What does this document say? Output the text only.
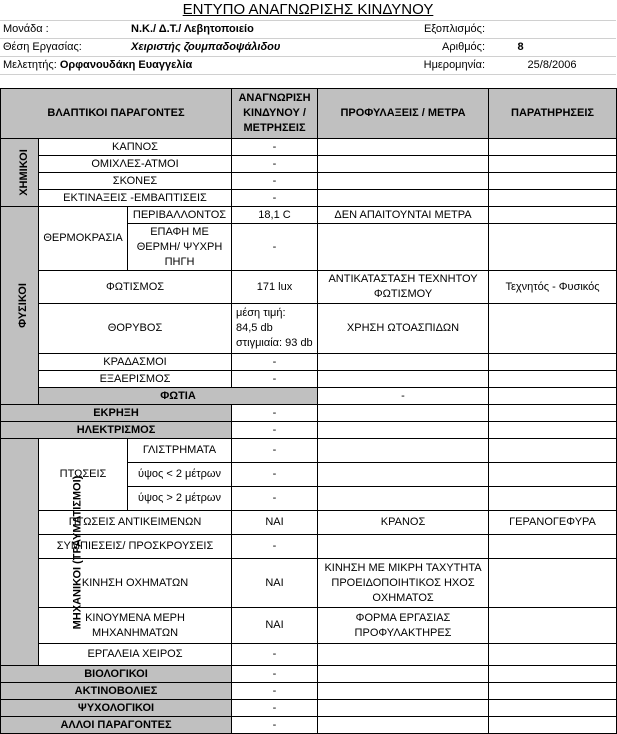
	ΕΝΤΥΠΟ ΑΝΑΓΝΩΡΙΣΗΣ ΚΙΝΔΥΝΟΥ			
Μονάδα :	Ν.Κ./ Δ.Τ./ Λεβητοποιείο	Εξοπλισμός:		
Θέση Εργασίας:	Χειριστής ζουμπαδοψάλιδου	Αριθμός:	8	
Μελετητής: Ορφανουδάκη Ευαγγελία		Ημερομηνία:	25/8/2006	
ΒΛΑΠΤΙΚΟΙ ΠΑΡΑΓΟΝΤΕΣ			ΑΝΑΓΝΩΡΙΣΗ ΚΙΝΔΥΝΟΥ / ΜΕΤΡΗΣΕΙΣ	ΠΡΟΦΥΛΑΞΕΙΣ / ΜΕΤΡΑ	ΠΑΡΑΤΗΡΗΣΕΙΣ	
ΧΗΜΙΚΟΙ	ΚΑΠΝΟΣ		-			
	ΟΜΙΧΛΕΣ-ΑΤΜΟΙ		-			
	ΣΚΟΝΕΣ		-			
	ΕΚΤΙΝΑΞΕΙΣ -ΕΜΒΑΠΤΙΣΕΙΣ		-			
ΦΥΣΙΚΟΙ	ΘΕΡΜΟΚΡΑΣΙΑ	ΠΕΡΙΒΑΛΛΟΝΤΟΣ	18,1 C	ΔΕΝ ΑΠΑΙΤΟΥΝΤΑΙ ΜΕΤΡΑ		
		ΕΠΑΦΗ ΜΕ ΘΕΡΜΗ/ ΨΥΧΡΗ ΠΗΓΗ	-			
	ΦΩΤΙΣΜΟΣ		171 lux	ΑΝΤΙΚΑΤΑΣΤΑΣΗ ΤΕΧΝΗΤΟΥ ΦΩΤΙΣΜΟΥ	Τεχνητός - Φυσικός	
	ΘΟΡΥΒΟΣ		μέση τιμή:
84,5 db
στιγμιαία: 93 db	ΧΡΗΣΗ ΩΤΟΑΣΠΙΔΩΝ		
	ΚΡΑΔΑΣΜΟΙ		-			
	ΕΞΑΕΡΙΣΜΟΣ		-			
	ΦΩΤΙΑ			-		
ΕΚΡΗΞΗ			-			
ΗΛΕΚΤΡΙΣΜΟΣ			-			
ΜΗΧΑΝΙΚΟΙ (ΤΡΑΥΜΑΤΙΣΜΟΙ)	ΠΤΩΣΕΙΣ	ΓΛΙΣΤΡΗΜΑΤΑ	-			
		ύψος < 2 μέτρων	-			
		ύψος > 2 μέτρων	-			
	ΠΤΩΣΕΙΣ ΑΝΤΙΚΕΙΜΕΝΩΝ		ΝΑΙ	ΚΡΑΝΟΣ	ΓΕΡΑΝΟΓΕΦΥΡΑ	
	ΣΥΜΠΙΕΣΕΙΣ/ ΠΡΟΣΚΡΟΥΣΕΙΣ		-			
	ΚΙΝΗΣΗ ΟΧΗΜΑΤΩΝ		ΝΑΙ	ΚΙΝΗΣΗ ΜΕ ΜΙΚΡΗ ΤΑΧΥΤΗΤΑ ΠΡΟΕΙΔΟΠΟΙΗΤΙΚΟΣ ΗΧΟΣ ΟΧΗΜΑΤΟΣ		
	ΚΙΝΟΥΜΕΝΑ ΜΕΡΗ ΜΗΧΑΝΗΜΑΤΩΝ		ΝΑΙ	ΦΟΡΜΑ ΕΡΓΑΣΙΑΣ ΠΡΟΦΥΛΑΚΤΗΡΕΣ		
	ΕΡΓΑΛΕΙΑ ΧΕΙΡΟΣ		-			
ΒΙΟΛΟΓΙΚΟΙ			-			
ΑΚΤΙΝΟΒΟΛΙΕΣ			-			
ΨΥΧΟΛΟΓΙΚΟΙ			-			
ΑΛΛΟΙ ΠΑΡΑΓΟΝΤΕΣ			-			
